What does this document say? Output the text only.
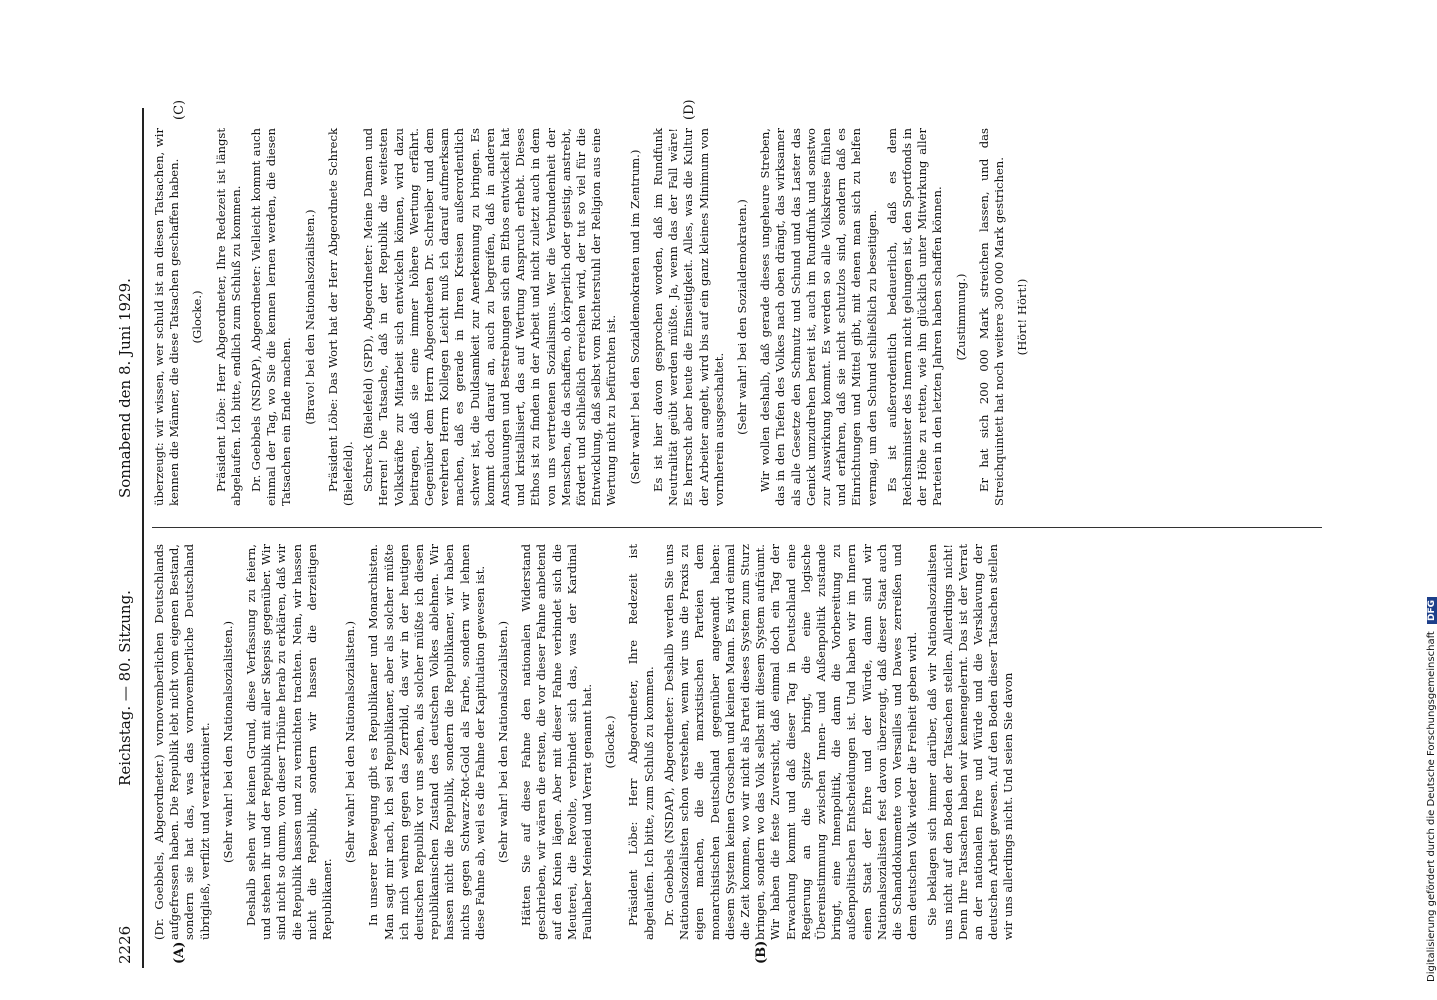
2226
Reichstag. — 80. Sitzung.
Sonnabend den 8. Juni 1929.
(A)	(B)
(C)	(D)

(Dr. Goebbels, Abgeordneter.) vornovemberlichen Deutschlands aufgefressen haben. Die Republik lebt nicht vom eigenen Bestand, sondern sie hat das, was das vornovemberliche Deutschland übrigließ, verfilzt und verarktioniert. (Sehr wahr! bei den Nationalsozialisten.) Deshalb sehen wir keinen Grund, diese Verfassung zu feiern, und stehen ihr und der Republik mit aller Skepsis gegenüber. Wir sind nicht so dumm, von dieser Tribüne herab zu erklären, daß wir die Republik hassen und zu vernichten trachten. Nein, wir hassen nicht die Republik, sondern wir hassen die derzeitigen Republikaner.

(Sehr wahr! bei den Nationalsozialisten.) In unserer Bewegung gibt es Republikaner und Monarchisten. Man sagt mir nach, ich sei Republikaner, aber als solcher müßte ich mich wehren gegen das Zerrbild, das wir in der heutigen deutschen Republik vor uns sehen, als solcher müßte ich diesen republikanischen Zustand des deutschen Volkes ablehnen. Wir hassen nicht die Republik, sondern die Republikaner, wir haben nichts gegen Schwarz-Rot-Gold als Farbe, sondern wir lehnen diese Fahne ab, weil es die Fahne der Kapitulation gewesen ist. (Sehr wahr! bei den Nationalsozialisten.) Hätten Sie auf diese Fahne den nationalen Widerstand geschrieben, wir wären die ersten, die vor dieser Fahne anbetend auf den Knien lägen. Aber mit dieser Fahne verbindet sich die Meuterei, die Revolte, verbindet sich das, was der Kardinal Faulhaber Meineid und Verrat genannt hat. (Glocke.) Präsident Löbe: Herr Abgeordneter, Ihre Redezeit ist abgelaufen. Ich bitte, zum Schluß zu kommen. Dr. Goebbels (NSDAP), Abgeordneter: Deshalb werden Sie uns Nationalsozialisten schon verstehen, wenn wir uns die Praxis zu eigen machen, die die marxistischen Parteien dem monarchistischen Deutschland gegenüber angewandt haben: diesem System keinen Groschen und keinen Mann. Es wird einmal die Zeit kommen, wo wir nicht als Partei dieses System zum Sturz bringen, sondern wo das Volk selbst mit diesem System aufräumt. Wir haben die feste Zuversicht, daß einmal doch ein Tag der Erwachung kommt und daß dieser Tag in Deutschland eine Regierung an die Spitze bringt, die eine logische Übereinstimmung zwischen Innen- und Außenpolitik zustande bringt, eine Innenpolitik, die dann die Vorbereitung zu außenpolitischen Entscheidungen ist. Und haben wir im Innern einen Staat der Ehre und der Würde, dann sind wir Nationalsozialisten fest davon überzeugt, daß dieser Staat auch die Schanddokumente von Versailles und Dawes zerreißen und dem deutschen Volk wieder die Freiheit geben wird. Sie beklagen sich immer darüber, daß wir Nationalsozialisten uns nicht auf den Boden der Tatsachen stellen. Allerdings nicht! Denn Ihre Tatsachen haben wir kennengelernt. Das ist der Verrat an der nationalen Ehre und Würde und die Versklavung der deutschen Arbeit gewesen. Auf den Boden dieser Tatsachen stellen wir uns allerdings nicht. Und seien Sie davon

überzeugt: wir wissen, wer schuld ist an diesen Tatsachen, wir kennen die Männer, die diese Tatsachen geschaffen haben. (Glocke.) Präsident Löbe: Herr Abgeordneter, Ihre Redezeit ist längst abgelaufen. Ich bitte, endlich zum Schluß zu kommen. Dr. Goebbels (NSDAP), Abgeordneter: Vielleicht kommt auch einmal der Tag, wo Sie die kennen lernen werden, die diesen Tatsachen ein Ende machen. (Bravo! bei den Nationalsozialisten.) Präsident Löbe: Das Wort hat der Herr Abgeordnete Schreck (Bielefeld). Schreck (Bielefeld) (SPD), Abgeordneter: Meine Damen und Herren! Die Tatsache, daß in der Republik die weitesten Volkskräfte zur Mitarbeit sich entwickeln können, wird dazu beitragen, daß sie eine immer höhere Wertung erfährt. Gegenüber dem Herrn Abgeordneten Dr. Schreiber und dem verehrten Herrn Kollegen Leicht muß ich darauf aufmerksam machen, daß es gerade in Ihren Kreisen außerordentlich schwer ist, die Duldsamkeit zur Anerkennung zu bringen. Es kommt doch darauf an, auch zu begreifen, daß in anderen Anschauungen und Bestrebungen sich ein Ethos entwickelt hat und kristallisiert, das auf Wertung Anspruch erhebt. Dieses Ethos ist zu finden in der Arbeit und nicht zuletzt auch in dem von uns vertretenen Sozialismus. Wer die Verbundenheit der Menschen, die da schaffen, ob körperlich oder geistig, anstrebt, fördert und schließlich erreichen wird, der tut so viel für die Entwicklung, daß selbst vom Richterstuhl der Religion aus eine Wertung nicht zu befürchten ist. (Sehr wahr! bei den Sozialdemokraten und im Zentrum.) Es ist hier davon gesprochen worden, daß im Rundfunk Neutralität geübt werden müßte. Ja, wenn das der Fall wäre! Es herrscht aber heute die Einseitigkeit. Alles, was die Kultur der Arbeiter angeht, wird bis auf ein ganz kleines Minimum von vornherein ausgeschaltet. (Sehr wahr! bei den Sozialdemokraten.) Wir wollen deshalb, daß gerade dieses ungeheure Streben, das in den Tiefen des Volkes nach oben drängt, das wirksamer als alle Gesetze den Schmutz und Schund und das Laster das Genick umzudrehen bereit ist, auch im Rundfunk und sonstwo zur Auswirkung kommt. Es werden so alle Volkskreise fühlen und erfahren, daß sie nicht schutzlos sind, sondern daß es Einrichtungen und Mittel gibt, mit denen man sich zu helfen vermag, um den Schund schließlich zu beseitigen. Es ist außerordentlich bedauerlich, daß es dem Reichsminister des Innern nicht gelungen ist, den Sportfonds in der Höhe zu retten, wie ihn glücklich unter Mitwirkung aller Parteien in den letzten Jahren haben schaffen können. (Zustimmung.) Er hat sich 200 000 Mark streichen lassen, und das Streichquintett hat noch weitere 300 000 Mark gestrichen. (Hört! Hört!)

Digitalisierung gefördert durch die Deutsche Forschungsgemeinschaft DFG
